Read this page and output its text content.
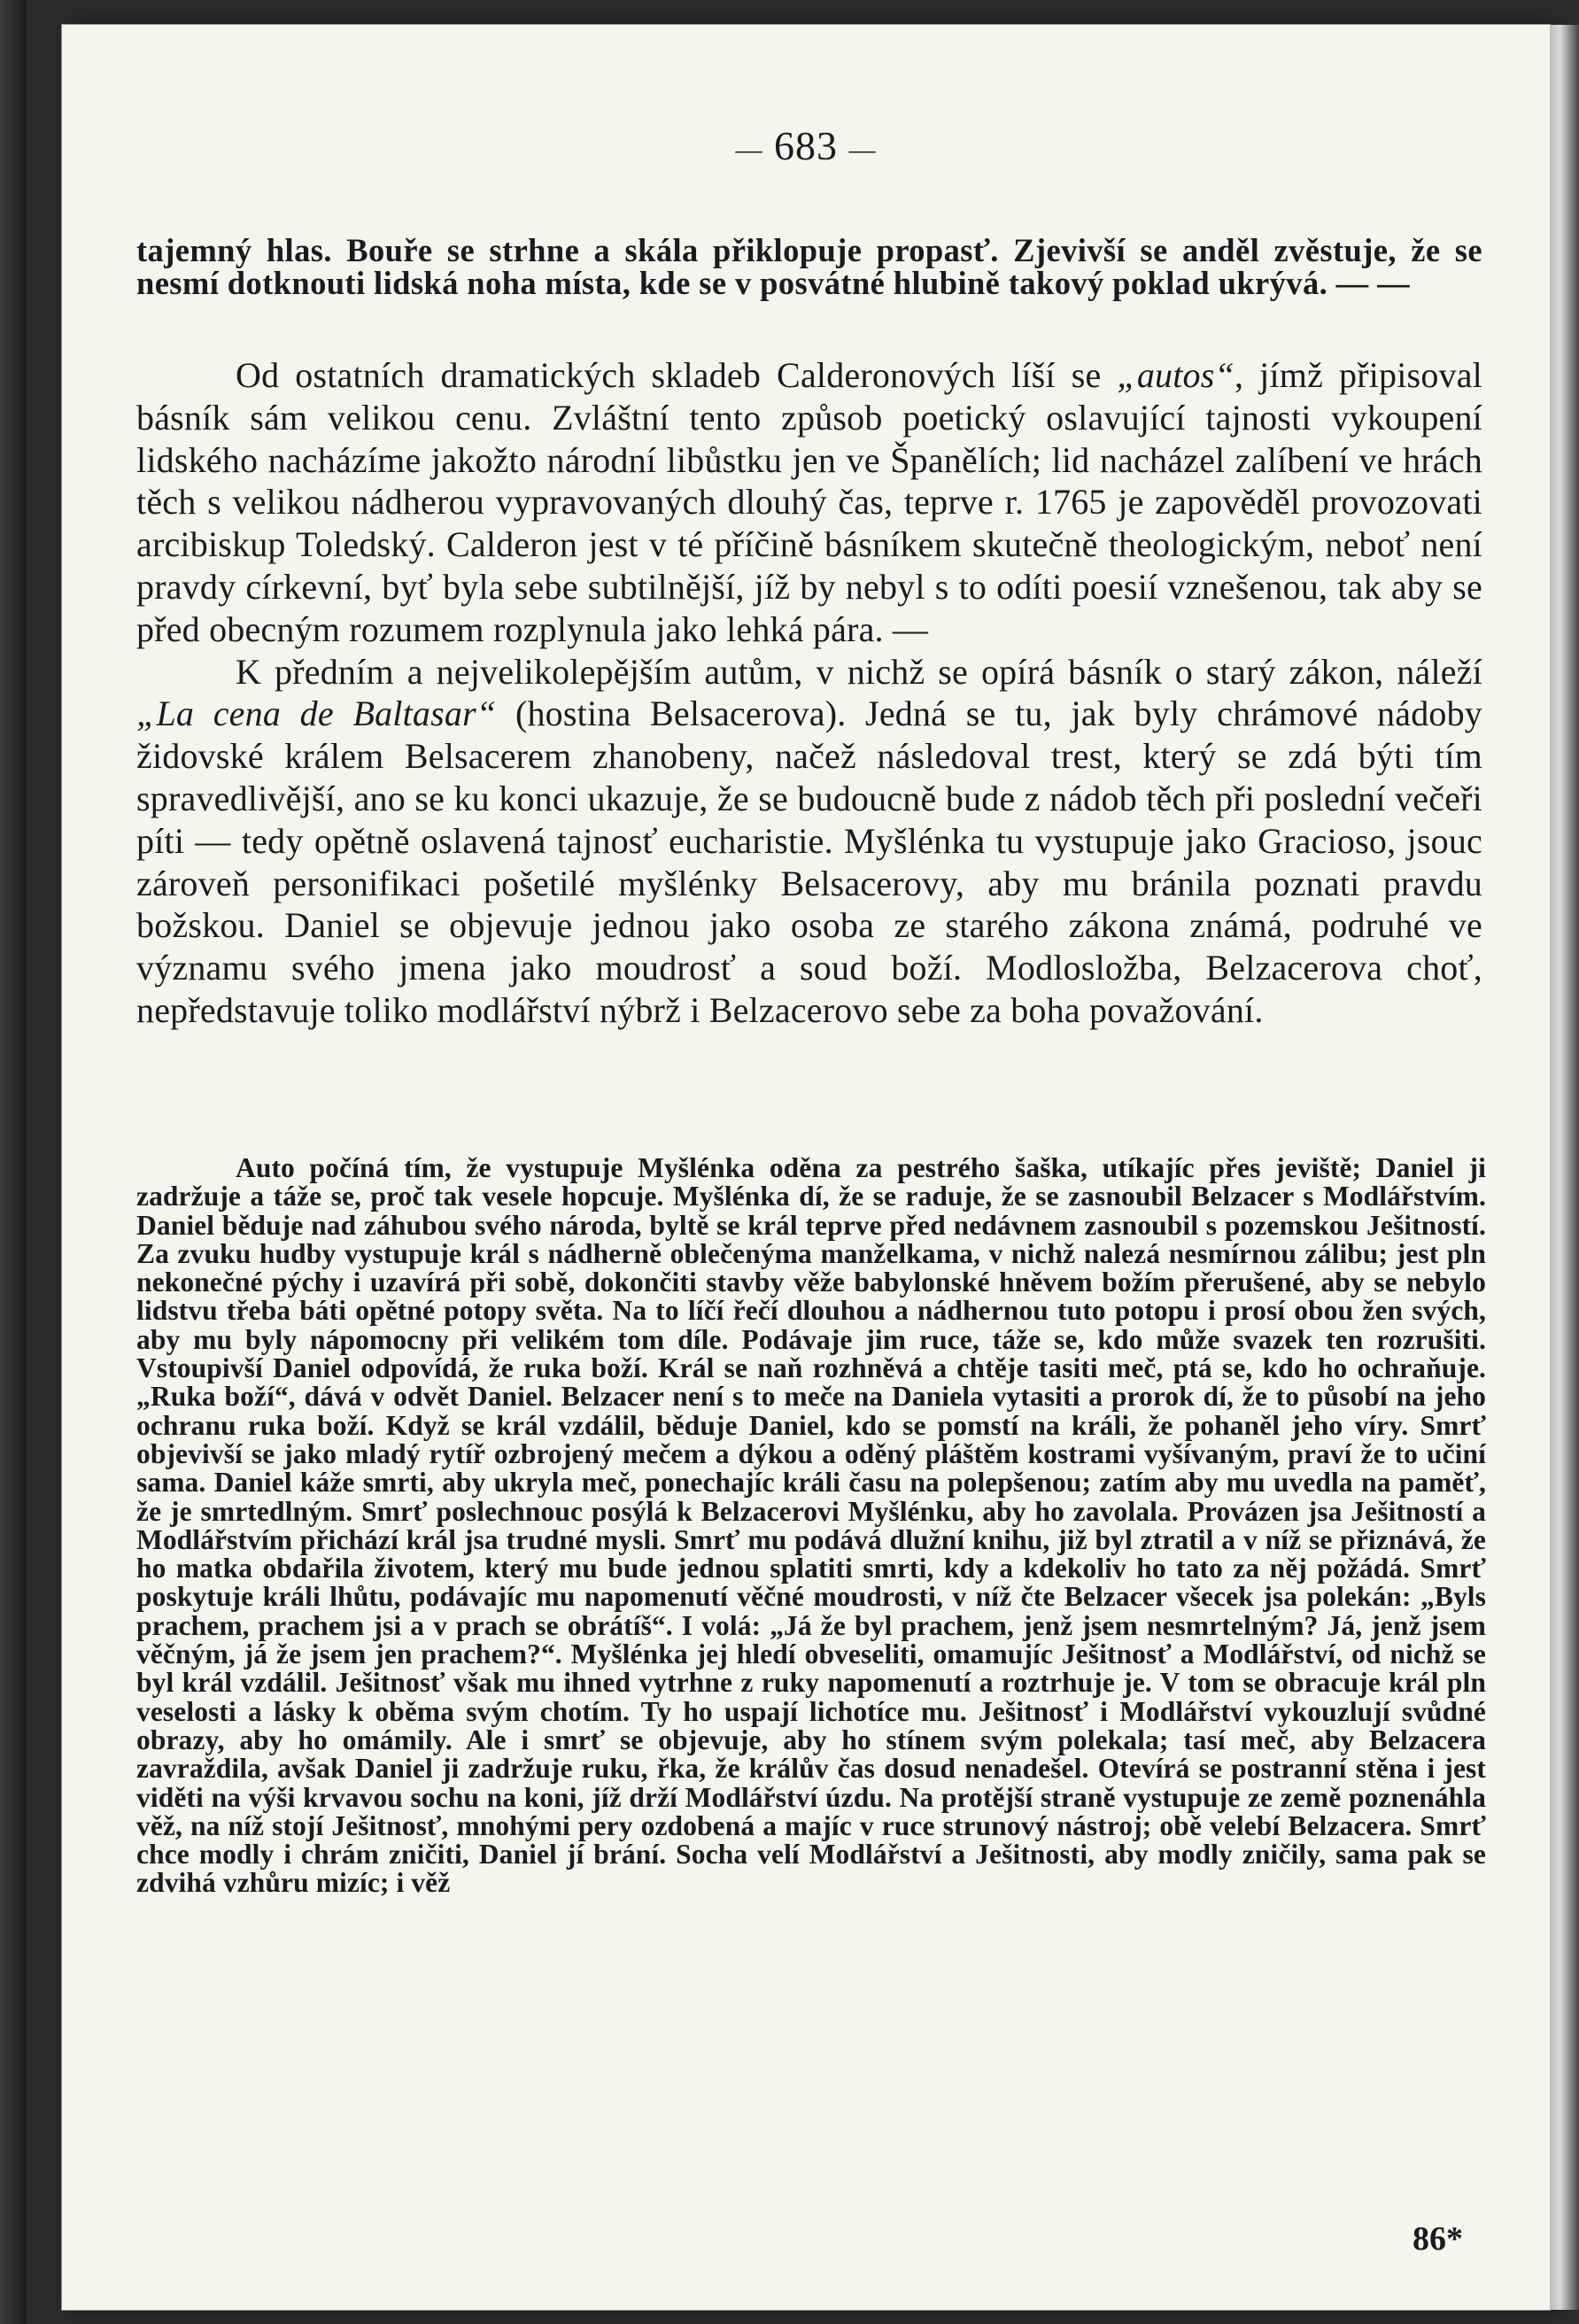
— 683 —
tajemný hlas. Bouře se strhne a skála přiklopuje propasť. Zjevivší se anděl zvěstuje, že se nesmí dotknouti lidská noha místa, kde se v posvátné hlubině takový poklad ukrývá. — —

Od ostatních dramatických skladeb Calderonových líší se „autos“, jímž připisoval básník sám velikou cenu. Zvláštní tento způsob poetický oslavující tajnosti vykoupení lidského nacházíme jakožto národní libůstku jen ve Španělích; lid nacházel zalíbení ve hrách těch s velikou nádherou vypravovaných dlouhý čas, teprve r. 1765 je zapověděl provozovati arcibiskup Toledský. Calderon jest v té příčině básníkem skutečně theologickým, neboť není pravdy církevní, byť byla sebe subtilnější, jíž by nebyl s to odíti poesií vznešenou, tak aby se před obecným rozumem rozplynula jako lehká pára. —

K předním a nejvelikolepějším autům, v nichž se opírá básník o starý zákon, náleží „La cena de Baltasar“ (hostina Belsacerova). Jedná se tu, jak byly chrámové nádoby židovské králem Belsacerem zhanobeny, načež následoval trest, který se zdá býti tím spravedlivější, ano se ku konci ukazuje, že se budoucně bude z nádob těch při poslední večeři píti — tedy opětně oslavená tajnosť eucharistie. Myšlénka tu vystupuje jako Gracioso, jsouc zároveň personifikaci pošetilé myšlénky Belsacerovy, aby mu bránila poznati pravdu božskou. Daniel se objevuje jednou jako osoba ze starého zákona známá, podruhé ve významu svého jmena jako moudrosť a soud boží. Modlosložba, Belzacerova choť, nepředstavuje toliko modlářství nýbrž i Belzacerovo sebe za boha považování.

Auto počíná tím, že vystupuje Myšlénka oděna za pestrého šaška, utíkajíc přes jeviště; Daniel ji zadržuje a táže se, proč tak vesele hopcuje. Myšlénka dí, že se raduje, že se zasnoubil Belzacer s Modlářstvím. Daniel běduje nad záhubou svého národa, byltě se král teprve před nedávnem zasnoubil s pozemskou Ješitností. Za zvuku hudby vystupuje král s nádherně oblečenýma manželkama, v nichž nalezá nesmírnou zálibu; jest pln nekonečné pýchy i uzavírá při sobě, dokončiti stavby věže babylonské hněvem božím přerušené, aby se nebylo lidstvu třeba báti opětné potopy světa. Na to líčí řečí dlouhou a nádhernou tuto potopu i prosí obou žen svých, aby mu byly nápomocny při velikém tom díle. Podávaje jim ruce, táže se, kdo může svazek ten rozrušiti. Vstoupivší Daniel odpovídá, že ruka boží. Král se naň rozhněvá a chtěje tasiti meč, ptá se, kdo ho ochraňuje. „Ruka boží“, dává v odvět Daniel. Belzacer není s to meče na Daniela vytasiti a prorok dí, že to působí na jeho ochranu ruka boží. Když se král vzdálil, běduje Daniel, kdo se pomstí na králi, že pohaněl jeho víry. Smrť objevivší se jako mladý rytíř ozbrojený mečem a dýkou a oděný pláštěm kostrami vyšívaným, praví že to učiní sama. Daniel káže smrti, aby ukryla meč, ponechajíc králi času na polepšenou; zatím aby mu uvedla na paměť, že je smrtedlným. Smrť poslechnouc posýlá k Belzacerovi Myšlénku, aby ho zavolala. Provázen jsa Ješitností a Modlářstvím přichází král jsa trudné mysli. Smrť mu podává dlužní knihu, již byl ztratil a v níž se přiznává, že ho matka obdařila životem, který mu bude jednou splatiti smrti, kdy a kdekoliv ho tato za něj požádá. Smrť poskytuje králi lhůtu, podávajíc mu napomenutí věčné moudrosti, v níž čte Belzacer všecek jsa polekán: „Byls prachem, prachem jsi a v prach se obrátíš“. I volá: „Já že byl prachem, jenž jsem nesmrtelným? Já, jenž jsem věčným, já že jsem jen prachem?“. Myšlénka jej hledí obveseliti, omamujíc Ješitnosť a Modlářství, od nichž se byl král vzdálil. Ješitnosť však mu ihned vytrhne z ruky napomenutí a roztrhuje je. V tom se obracuje král pln veselosti a lásky k oběma svým chotím. Ty ho uspají lichotíce mu. Ješitnosť i Modlářství vykouzlují svůdné obrazy, aby ho omámily. Ale i smrť se objevuje, aby ho stínem svým polekala; tasí meč, aby Belzacera zavraždila, avšak Daniel ji zadržuje ruku, řka, že králův čas dosud nenadešel. Otevírá se postranní stěna i jest viděti na výši krvavou sochu na koni, jíž drží Modlářství úzdu. Na protější straně vystupuje ze země poznenáhla věž, na níž stojí Ješitnosť, mnohými pery ozdobená a majíc v ruce strunový nástroj; obě velebí Belzacera. Smrť chce modly i chrám zničiti, Daniel jí brání. Socha velí Modlářství a Ješitnosti, aby modly zničily, sama pak se zdvihá vzhůru mizíc; i věž

86*
